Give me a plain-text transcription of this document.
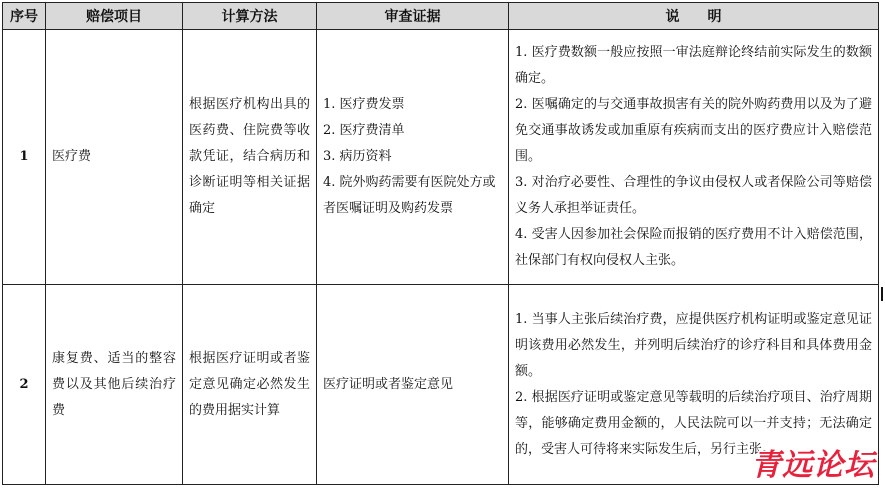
序号	赔偿项目	计算方法	审查证据	说　　明
1	医疗费	根据医疗机构出具的医药费、住院费等收款凭证，结合病历和诊断证明等相关证据确定	1. 医疗费发票
2. 医疗费清单
3. 病历资料
4. 院外购药需要有医院处方或者医嘱证明及购药发票	1. 医疗费数额一般应按照一审法庭辩论终结前实际发生的数额确定。
2. 医嘱确定的与交通事故损害有关的院外购药费用以及为了避免交通事故诱发或加重原有疾病而支出的医疗费应计入赔偿范围。
3. 对治疗必要性、合理性的争议由侵权人或者保险公司等赔偿义务人承担举证责任。
4. 受害人因参加社会保险而报销的医疗费用不计入赔偿范围，社保部门有权向侵权人主张。

2	康复费、适当的整容费以及其他后续治疗费	根据医疗证明或者鉴定意见确定必然发生的费用据实计算	医疗证明或者鉴定意见	1. 当事人主张后续治疗费，应提供医疗机构证明或鉴定意见证明该费用必然发生，并列明后续治疗的诊疗科目和具体费用金额。
2. 根据医疗证明或鉴定意见等载明的后续治疗项目、治疗周期等，能够确定费用金额的，人民法院可以一并支持；无法确定的，受害人可待将来实际发生后，另行主张。
青远论坛
